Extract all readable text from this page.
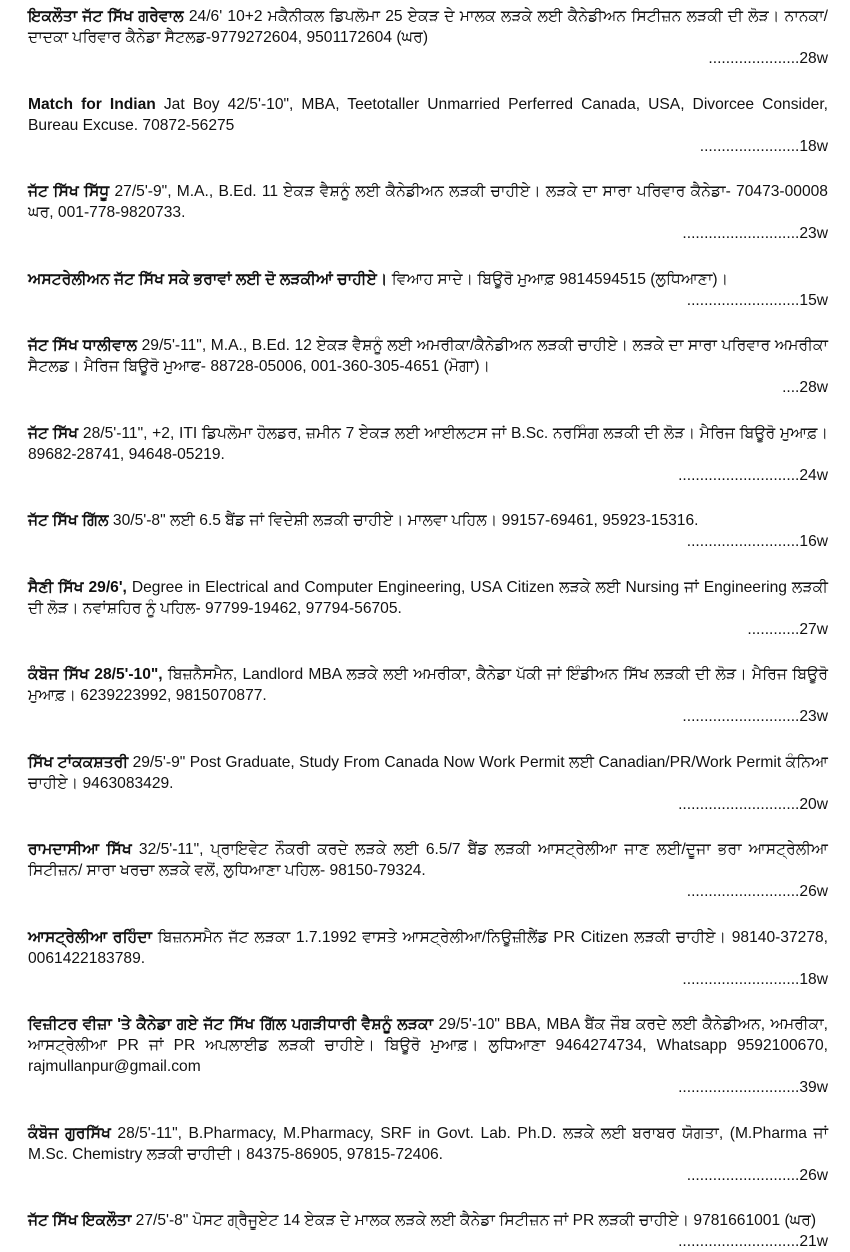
ਇਕਲੌਤਾ ਜੱਟ ਸਿੱਖ ਗਰੇਵਾਲ 24/6' 10+2 ਮਕੈਨੀਕਲ ਡਿਪਲੋਮਾ 25 ਏਕੜ ਦੇ ਮਾਲਕ ਲੜਕੇ ਲਈ ਕੈਨੇਡੀਅਨ ਸਿਟੀਜ਼ਨ ਲੜਕੀ ਦੀ ਲੋੜ। ਨਾਨਕਾ/ਦਾਦਕਾ ਪਰਿਵਾਰ ਕੈਨੇਡਾ ਸੈਟਲਡ-9779272604, 9501172604 (ਘਰ)
.....................28w
Match for Indian Jat Boy 42/5'-10", MBA, Teetotaller Unmarried Perferred Canada, USA, Divorcee Consider, Bureau Excuse. 70872-56275
.......................18w
ਜੱਟ ਸਿੱਖ ਸਿੱਧੂ 27/5'-9", M.A., B.Ed. 11 ਏਕੜ ਵੈਸ਼ਨੂੰ ਲਈ ਕੈਨੇਡੀਅਨ ਲੜਕੀ ਚਾਹੀਏ। ਲੜਕੇ ਦਾ ਸਾਰਾ ਪਰਿਵਾਰ ਕੈਨੇਡਾ- 70473-00008 ਘਰ, 001-778-9820733.
...........................23w
ਅਸਟਰੇਲੀਅਨ ਜੱਟ ਸਿੱਖ ਸਕੇ ਭਰਾਵਾਂ ਲਈ ਦੋ ਲੜਕੀਆਂ ਚਾਹੀਏ। ਵਿਆਹ ਸਾਦੇ। ਬਿਊਰੋ ਮੁਆਫ਼ 9814594515 (ਲੁਧਿਆਣਾ)।
..........................15w
ਜੱਟ ਸਿੱਖ ਧਾਲੀਵਾਲ 29/5'-11", M.A., B.Ed. 12 ਏਕੜ ਵੈਸ਼ਨੂੰ ਲਈ ਅਮਰੀਕਾ/ਕੈਨੇਡੀਅਨ ਲੜਕੀ ਚਾਹੀਏ। ਲੜਕੇ ਦਾ ਸਾਰਾ ਪਰਿਵਾਰ ਅਮਰੀਕਾ ਸੈਟਲਡ। ਮੈਰਿਜ ਬਿਊਰੋ ਮੁਆਫ- 88728-05006, 001-360-305-4651 (ਮੋਗਾ)।
....28w
ਜੱਟ ਸਿੱਖ 28/5'-11", +2, ITI ਡਿਪਲੋਮਾ ਹੋਲਡਰ, ਜ਼ਮੀਨ 7 ਏਕੜ ਲਈ ਆਈਲਟਸ ਜਾਂ B.Sc. ਨਰਸਿੰਗ ਲੜਕੀ ਦੀ ਲੋੜ। ਮੈਰਿਜ ਬਿਊਰੋ ਮੁਆਫ਼। 89682-28741, 94648-05219.
............................24w
ਜੱਟ ਸਿੱਖ ਗਿੱਲ 30/5'-8" ਲਈ 6.5 ਬੈਂਡ ਜਾਂ ਵਿਦੇਸ਼ੀ ਲੜਕੀ ਚਾਹੀਏ। ਮਾਲਵਾ ਪਹਿਲ। 99157-69461, 95923-15316.
..........................16w
ਸੈਣੀ ਸਿੱਖ 29/6', Degree in Electrical and Computer Engineering, USA Citizen ਲੜਕੇ ਲਈ Nursing ਜਾਂ Engineering ਲੜਕੀ ਦੀ ਲੋੜ। ਨਵਾਂਸ਼ਹਿਰ ਨੂੰ ਪਹਿਲ- 97799-19462, 97794-56705.
............27w
ਕੰਬੋਜ ਸਿੱਖ 28/5'-10", ਬਿਜ਼ਨੈਸਮੈਨ, Landlord MBA ਲੜਕੇ ਲਈ ਅਮਰੀਕਾ, ਕੈਨੇਡਾ ਪੱਕੀ ਜਾਂ ਇੰਡੀਅਨ ਸਿੱਖ ਲੜਕੀ ਦੀ ਲੋੜ। ਮੈਰਿਜ ਬਿਊਰੋ ਮੁਆਫ਼। 6239223992, 9815070877.
...........................23w
ਸਿੱਖ ਟਾਂਕਕਸ਼ਤਰੀ 29/5'-9" Post Graduate, Study From Canada Now Work Permit ਲਈ Canadian/PR/Work Permit ਕੰਨਿਆ ਚਾਹੀਏ। 9463083429.
............................20w
ਰਾਮਦਾਸੀਆ ਸਿੱਖ 32/5'-11", ਪ੍ਰਾਇਵੇਟ ਨੌਕਰੀ ਕਰਦੇ ਲੜਕੇ ਲਈ 6.5/7 ਬੈਂਡ ਲੜਕੀ ਆਸਟ੍ਰੇਲੀਆ ਜਾਣ ਲਈ/ਦੂਜਾ ਭਰਾ ਆਸਟ੍ਰੇਲੀਆ ਸਿਟੀਜ਼ਨ/ ਸਾਰਾ ਖਰਚਾ ਲੜਕੇ ਵਲੋਂ, ਲੁਧਿਆਣਾ ਪਹਿਲ- 98150-79324.
..........................26w
ਆਸਟ੍ਰੇਲੀਆ ਰਹਿੰਦਾ ਬਿਜ਼ਨਸਮੈਨ ਜੱਟ ਲੜਕਾ 1.7.1992 ਵਾਸਤੇ ਆਸਟ੍ਰੇਲੀਆ/ਨਿਊਜ਼ੀਲੈਂਡ PR Citizen ਲੜਕੀ ਚਾਹੀਏ। 98140-37278, 0061422183789.
...........................18w
ਵਿਜ਼ੀਟਰ ਵੀਜ਼ਾ 'ਤੇ ਕੈਨੇਡਾ ਗਏ ਜੱਟ ਸਿੱਖ ਗਿੱਲ ਪਗੜੀਧਾਰੀ ਵੈਸ਼ਨੂੰ ਲੜਕਾ 29/5'-10" BBA, MBA ਬੈਂਕ ਜੌਬ ਕਰਦੇ ਲਈ ਕੈਨੇਡੀਅਨ, ਅਮਰੀਕਾ, ਆਸਟ੍ਰੇਲੀਆ PR ਜਾਂ PR ਅਪਲਾਈਡ ਲੜਕੀ ਚਾਹੀਏ। ਬਿਊਰੋ ਮੁਆਫ਼। ਲੁਧਿਆਣਾ 9464274734, Whatsapp 9592100670, rajmullanpur@gmail.com
............................39w
ਕੰਬੋਜ ਗੁਰਸਿੱਖ 28/5'-11", B.Pharmacy, M.Pharmacy, SRF in Govt. Lab. Ph.D. ਲੜਕੇ ਲਈ ਬਰਾਬਰ ਯੋਗਤਾ, (M.Pharma ਜਾਂ M.Sc. Chemistry ਲੜਕੀ ਚਾਹੀਦੀ। 84375-86905, 97815-72406.
..........................26w
ਜੱਟ ਸਿੱਖ ਇਕਲੌਤਾ 27/5'-8" ਪੋਸਟ ਗ੍ਰੈਜੂਏਟ 14 ਏਕੜ ਦੇ ਮਾਲਕ ਲੜਕੇ ਲਈ ਕੈਨੇਡਾ ਸਿਟੀਜ਼ਨ ਜਾਂ PR ਲੜਕੀ ਚਾਹੀਏ। 9781661001 (ਘਰ)
............................21w
